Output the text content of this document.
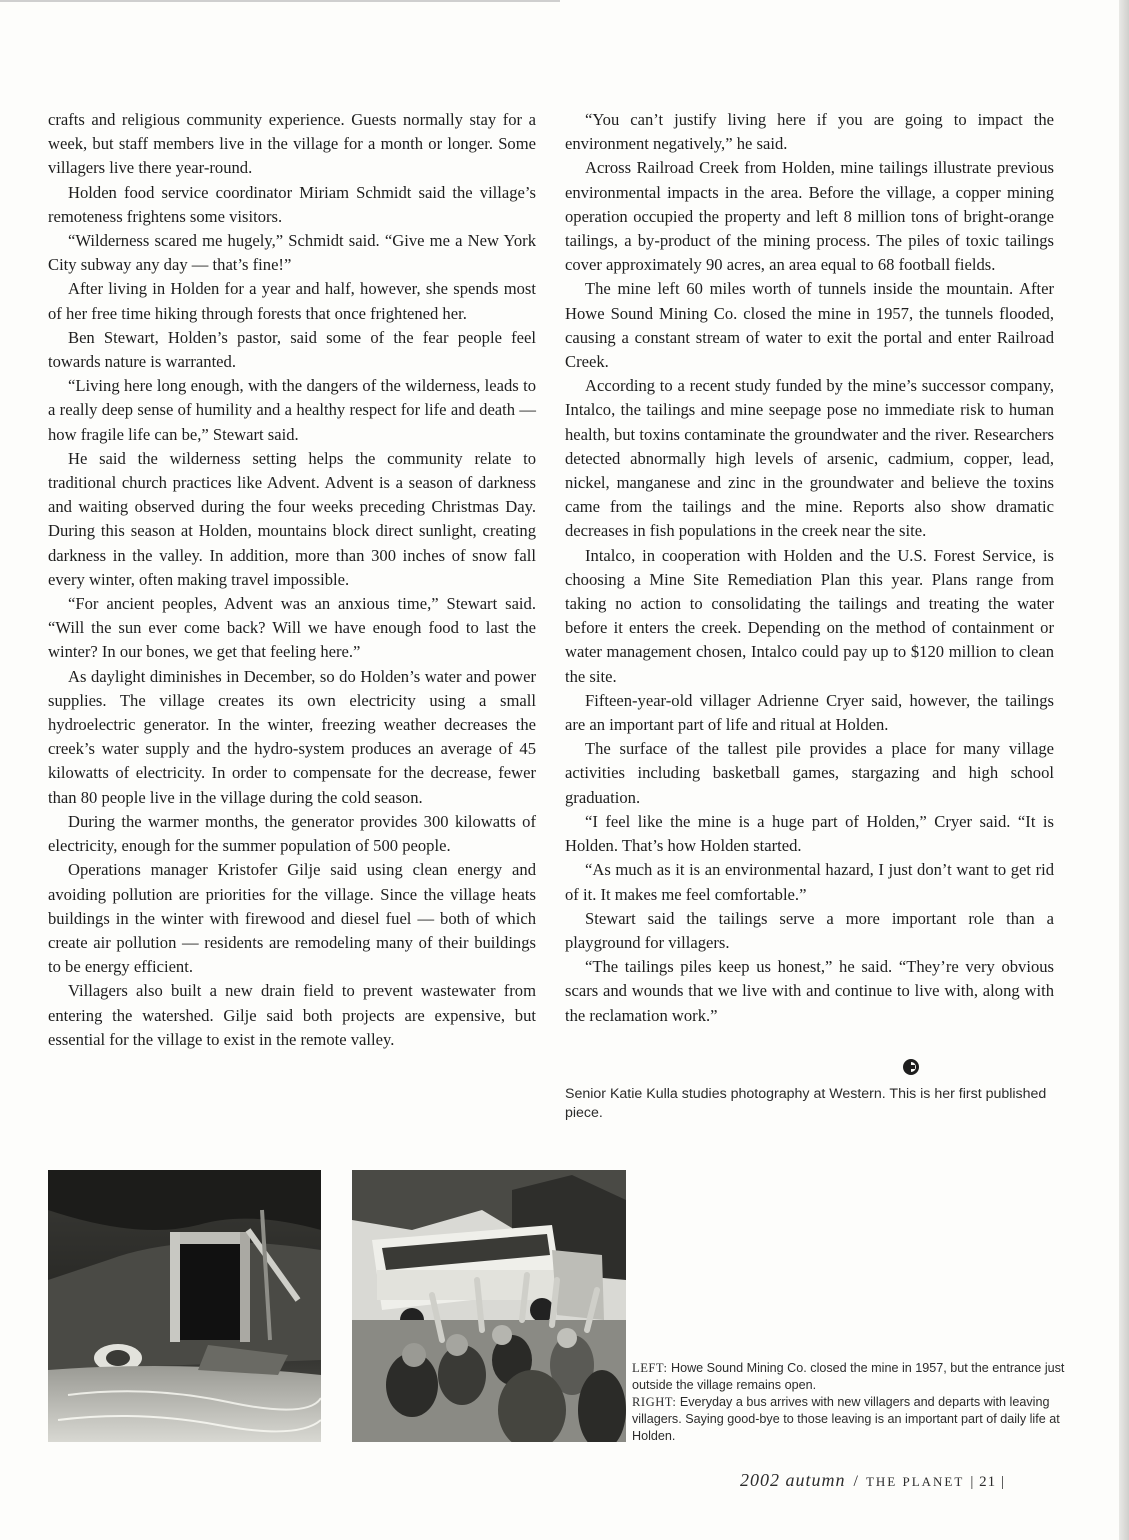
crafts and religious community experience. Guests normally stay for a week, but staff members live in the village for a month or longer. Some villagers live there year-round.

Holden food service coordinator Miriam Schmidt said the village’s remoteness frightens some visitors.

“Wilderness scared me hugely,” Schmidt said. “Give me a New York City subway any day — that’s fine!”

After living in Holden for a year and half, however, she spends most of her free time hiking through forests that once frightened her.

Ben Stewart, Holden’s pastor, said some of the fear people feel towards nature is warranted.

“Living here long enough, with the dangers of the wilderness, leads to a really deep sense of humility and a healthy respect for life and death — how fragile life can be,” Stewart said.

He said the wilderness setting helps the community relate to traditional church practices like Advent. Advent is a season of darkness and waiting observed during the four weeks preceding Christmas Day. During this season at Holden, mountains block direct sunlight, creating darkness in the valley. In addition, more than 300 inches of snow fall every winter, often making travel impossible.

“For ancient peoples, Advent was an anxious time,” Stewart said. “Will the sun ever come back? Will we have enough food to last the winter? In our bones, we get that feeling here.”

As daylight diminishes in December, so do Holden’s water and power supplies. The village creates its own electricity using a small hydroelectric generator. In the winter, freezing weather decreases the creek’s water supply and the hydro-system produces an average of 45 kilowatts of electricity. In order to compensate for the decrease, fewer than 80 people live in the village during the cold season.

During the warmer months, the generator provides 300 kilowatts of electricity, enough for the summer population of 500 people.

Operations manager Kristofer Gilje said using clean energy and avoiding pollution are priorities for the village. Since the village heats buildings in the winter with firewood and diesel fuel — both of which create air pollution — residents are remodeling many of their buildings to be energy efficient.

Villagers also built a new drain field to prevent wastewater from entering the watershed. Gilje said both projects are expensive, but essential for the village to exist in the remote valley.

“You can’t justify living here if you are going to impact the environment negatively,” he said.

Across Railroad Creek from Holden, mine tailings illustrate previous environmental impacts in the area. Before the village, a copper mining operation occupied the property and left 8 million tons of bright-orange tailings, a by-product of the mining process. The piles of toxic tailings cover approximately 90 acres, an area equal to 68 football fields.

The mine left 60 miles worth of tunnels inside the mountain. After Howe Sound Mining Co. closed the mine in 1957, the tunnels flooded, causing a constant stream of water to exit the portal and enter Railroad Creek.

According to a recent study funded by the mine’s successor company, Intalco, the tailings and mine seepage pose no immediate risk to human health, but toxins contaminate the groundwater and the river. Researchers detected abnormally high levels of arsenic, cadmium, copper, lead, nickel, manganese and zinc in the groundwater and believe the toxins came from the tailings and the mine. Reports also show dramatic decreases in fish populations in the creek near the site.

Intalco, in cooperation with Holden and the U.S. Forest Service, is choosing a Mine Site Remediation Plan this year. Plans range from taking no action to consolidating the tailings and treating the water before it enters the creek. Depending on the method of containment or water management chosen, Intalco could pay up to $120 million to clean the site.

Fifteen-year-old villager Adrienne Cryer said, however, the tailings are an important part of life and ritual at Holden.

The surface of the tallest pile provides a place for many village activities including basketball games, stargazing and high school graduation.

“I feel like the mine is a huge part of Holden,” Cryer said. “It is Holden. That’s how Holden started.

“As much as it is an environmental hazard, I just don’t want to get rid of it. It makes me feel comfortable.”

Stewart said the tailings serve a more important role than a playground for villagers.

“The tailings piles keep us honest,” he said. “They’re very obvious scars and wounds that we live with and continue to live with, along with the reclamation work.”

Senior Katie Kulla studies photography at Western. This is her first published piece.
LEFT: Howe Sound Mining Co. closed the mine in 1957, but the entrance just outside the village remains open.
RIGHT: Everyday a bus arrives with new villagers and departs with leaving villagers. Saying good-bye to those leaving is an important part of daily life at Holden.
2002 autumn / THE PLANET | 21 |
